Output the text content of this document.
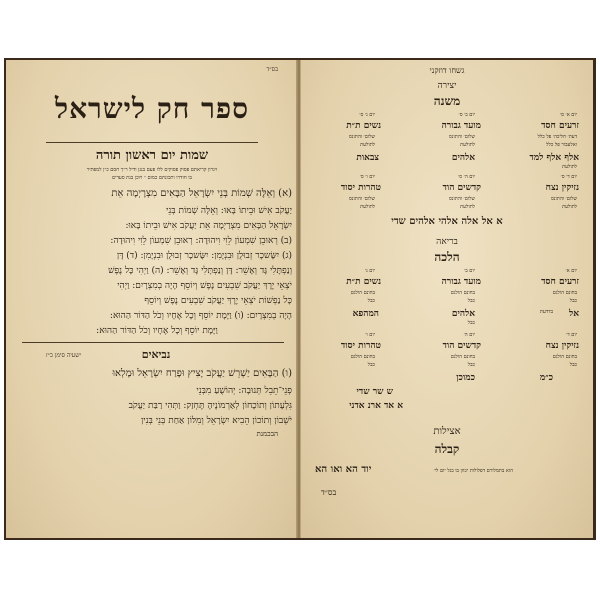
בס״ד
ספר חק לישראל
שמות יום ראשון תורה
ויגרון קריאתם פסוק פסוקים ללו פעם בנגן ודיל ר״ך חסם כ״ן למפתיר
בו חודרו ותכונתם כמום ״ ויוכן בנת סעדים
(א) וְאֵלֶּה שְׁמוֹת בְּנֵי יִשְׂרָאֵל הַבָּאִים מִצְרָיְמָה אֵת
יַעֲקֹב אִישׁ וּבֵיתוֹ בָּאוּ: וְאֵלֶּה שְׁמוֹת בְּנֵי
יִשְׂרָאֵל הַבָּאִים מִצְרַיְמָה אֵת יַעֲקֹב אִישׁ וּבֵיתוֹ בָּאוּ:
(ב) רְאוּבֵן שִׁמְעוֹן לֵוִי וִיהוּדָה: רְאוּבֵן שִׁמְעוֹן לֵוִי וִיהוּדָה:
(ג) יִשָּׂשכָר זְבוּלֻן וּבִנְיָמִן: יִשָּׂשכָר זְבוּלֻן וּבִנְיָמִן: (ד) דָּן
וְנַפְתָּלִי גָּד וְאָשֵׁר: דָּן וְנַפְתָּלִי גָּד וְאָשֵׁר: (ה) וַיְהִי כָּל נֶפֶשׁ
יֹצְאֵי יֶרֶךְ יַעֲקֹב שִׁבְעִים נָפֶשׁ וְיוֹסֵף הָיָה בְמִצְרָיִם: וַיְהִי
כָּל נַפְשׁוֹת יֹצְאֵי יֶרֶךְ יַעֲקֹב שִׁבְעִים נֶפֶשׁ וְיוֹסֵף
הָיָה בְמִצְרָיִם: (ו) וַיָּמָת יוֹסֵף וְכָל אֶחָיו וְכֹל הַדּוֹר הַהוּא:
וַיָּמָת יוֹסֵף וְכָל אֶחָיו וְכֹל הַדּוֹר הַהוּא:
נביאים
ישעיה סימן כ״ז
(ו) הַבָּאִים יַשְׁרֵשׁ יַעֲקֹב יָצִיץ וּפָרַח יִשְׂרָאֵל וּמָלְאוּ
פְנֵי־תֵבֵל תְּנוּבָה: יְהוֹשֻׁעַ מִבְּנֵי
גִּלְעָתוֹן וְתוֹכָחוֹן לְאַרְמוֹנֶיהָ תֶּחְזַק: וַתְּהִי רַבַּת יַעֲקֹב
יֹשְׁבוֹן וְתוֹכוֹן הֵבִיא יִשְׂרָאֵל וְמִלּוֹן אַחַת בְּנֵי בְּנִין
הבכמנת
גשחו דוזקני
יצירה
משנה
יום א׳ ס׳
יום ב׳ ס׳
יום ג׳ ס׳
זרעים חסד
מועד גבורה
נשים ת״ת
דעת׳ חליכה׳ פל כלל
שלום׳ והתונס
שלום׳ והתונס
ואלעבור פל כלל
לתולעת
לתולעת
אלף אלף למד
אלהים
צבאות
לתולעת
יום ד׳ ס׳
יום ה׳ ס׳
יום ו׳ ס׳
נזיקין נצח
קדשים הוד
טהרות יסוד
שלום׳ והתונס
שלום׳ והתונס
שלום׳ והתונס
לתולעת
לתולעת
לתולעת
א אל אלה אלהי אלהים שדי
בריאה
הלכה
יום א׳
יום ב׳
יום ג׳
זרעים חסד
מועד גבורה
נשים ת״ת
בחונם הולגם
בחונם הולגם
בחונם הולגם
כבל
כבל
כבל
אל
אלהים
המהפא	בדדעת
כבל
יום ד׳
יום ה׳
יום ו׳
נזיקין נצח
קדשים הוד
טהרות יסוד
בחונם הולגם
בחונם הולגם
בחונם הולגם
כבל
כבל
כבל
כ״מ
כמוכן
ש שר שדי
א אד ארנ אדני
אצילות
קבלה
הוא בתמלורם דפלולות יכוון בו בגל יום לי׳
יוד הא ואו הא
בס״ד
